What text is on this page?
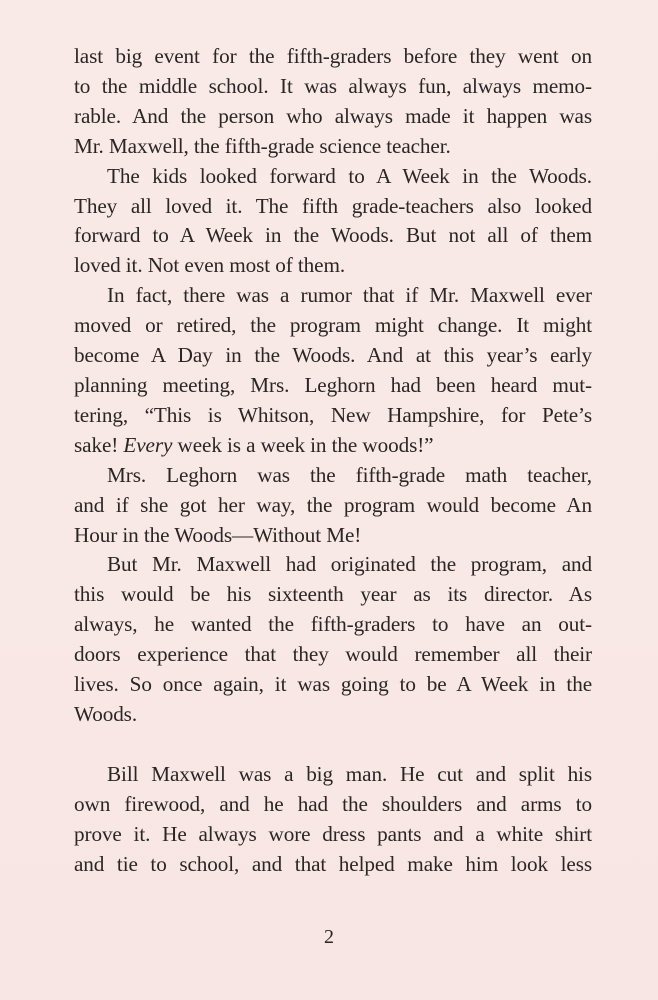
last big event for the fifth-graders before they went on
to the middle school. It was always fun, always memo-
rable. And the person who always made it happen was
Mr. Maxwell, the fifth-grade science teacher.

The kids looked forward to A Week in the Woods.
They all loved it. The fifth grade-teachers also looked
forward to A Week in the Woods. But not all of them
loved it. Not even most of them.

In fact, there was a rumor that if Mr. Maxwell ever
moved or retired, the program might change. It might
become A Day in the Woods. And at this year’s early
planning meeting, Mrs. Leghorn had been heard mut-
tering, “This is Whitson, New Hampshire, for Pete’s
sake! Every week is a week in the woods!”

Mrs. Leghorn was the fifth-grade math teacher,
and if she got her way, the program would become An
Hour in the Woods—Without Me!

But Mr. Maxwell had originated the program, and
this would be his sixteenth year as its director. As
always, he wanted the fifth-graders to have an out-
doors experience that they would remember all their
lives. So once again, it was going to be A Week in the
Woods.

Bill Maxwell was a big man. He cut and split his
own firewood, and he had the shoulders and arms to
prove it. He always wore dress pants and a white shirt
and tie to school, and that helped make him look less

2
